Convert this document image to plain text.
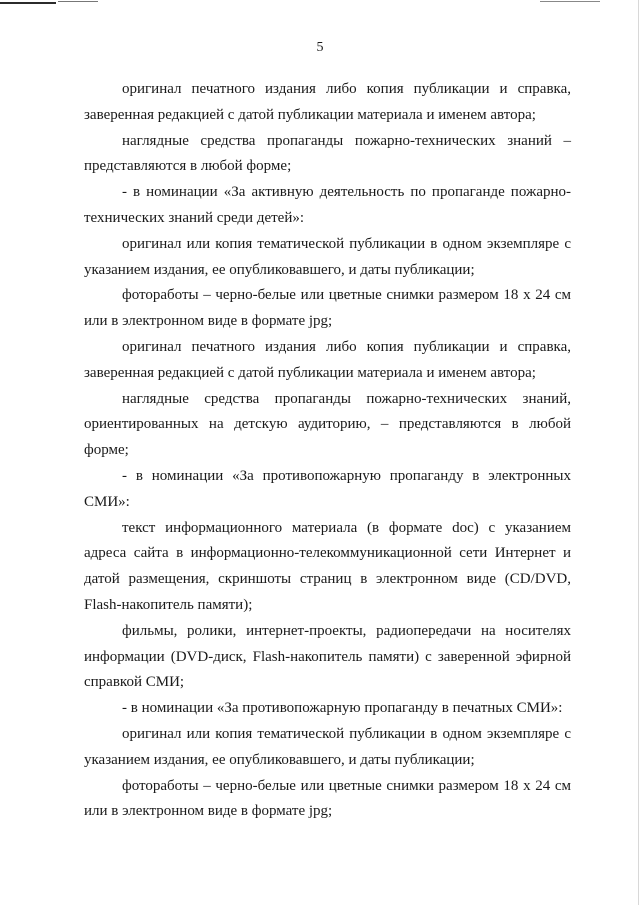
5

оригинал печатного издания либо копия публикации и справка, заверенная редакцией с датой публикации материала и именем автора;

наглядные средства пропаганды пожарно-технических знаний – представляются в любой форме;

- в номинации «За активную деятельность по пропаганде пожарно-технических знаний среди детей»:

оригинал или копия тематической публикации в одном экземпляре с указанием издания, ее опубликовавшего, и даты публикации;

фоторaботы – черно-белые или цветные снимки размером 18 х 24 см или в электронном виде в формате jpg;

оригинал печатного издания либо копия публикации и справка, заверенная редакцией с датой публикации материала и именем автора;

наглядные средства пропаганды пожарно-технических знаний, ориентированных на детскую аудиторию, – представляются в любой форме;

- в номинации «За противопожарную пропаганду в электронных СМИ»:

текст информационного материала (в формате doc) с указанием адреса сайта в информационно-телекоммуникационной сети Интернет и датой размещения, скриншоты страниц в электронном виде (CD/DVD, Flash-накопитель памяти);

фильмы, ролики, интернет-проекты, радиопередачи на носителях информации (DVD-диск, Flash-накопитель памяти) с заверенной эфирной справкой СМИ;

- в номинации «За противопожарную пропаганду в печатных СМИ»:

оригинал или копия тематической публикации в одном экземпляре с указанием издания, ее опубликовавшего, и даты публикации;

фоторaботы – черно-белые или цветные снимки размером 18 х 24 см или в электронном виде в формате jpg;
